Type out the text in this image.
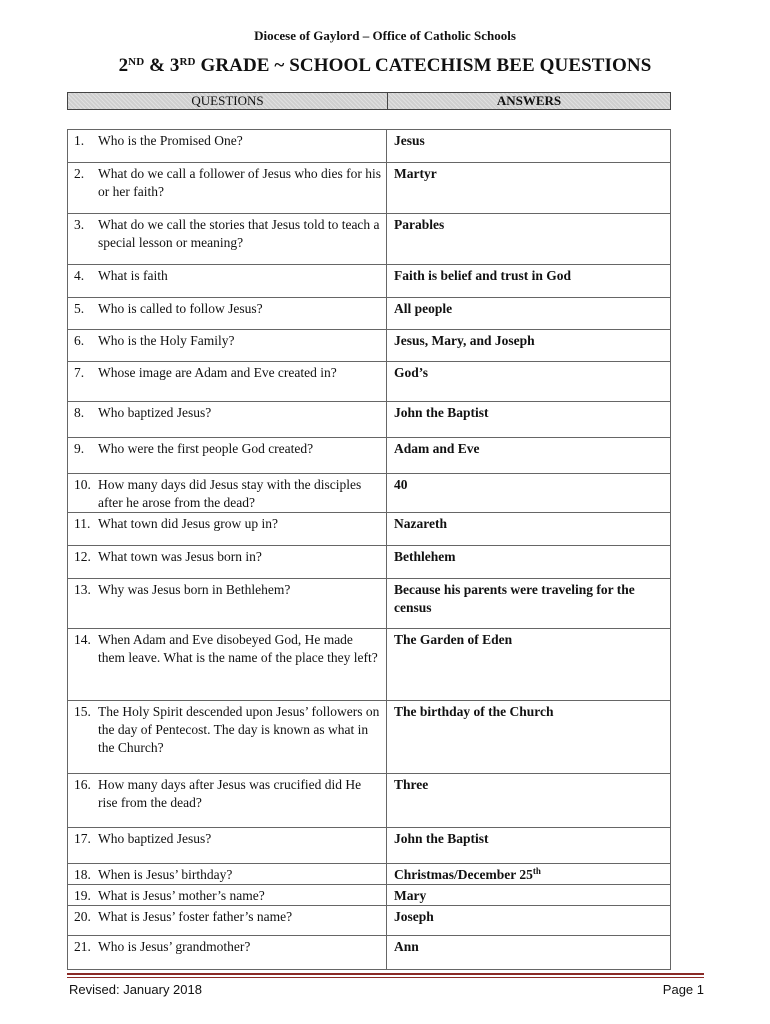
Diocese of Gaylord – Office of Catholic Schools
2ND & 3RD GRADE ~ SCHOOL CATECHISM BEE QUESTIONS
QUESTIONS	ANSWERS
1. Who is the Promised One?	Jesus

2. What do we call a follower of Jesus who dies for his or her faith?	Martyr

3. What do we call the stories that Jesus told to teach a special lesson or meaning?	Parables

4. What is faith	Faith is belief and trust in God

5. Who is called to follow Jesus?	All people

6. Who is the Holy Family?	Jesus, Mary, and Joseph

7. Whose image are Adam and Eve created in?	God’s

8. Who baptized Jesus?	John the Baptist

9. Who were the first people God created?	Adam and Eve

10. How many days did Jesus stay with the disciples after he arose from the dead?	40

11. What town did Jesus grow up in?	Nazareth

12. What town was Jesus born in?	Bethlehem

13. Why was Jesus born in Bethlehem?	Because his parents were traveling for the census

14. When Adam and Eve disobeyed God, He made them leave. What is the name of the place they left?	The Garden of Eden

15. The Holy Spirit descended upon Jesus’ followers on the day of Pentecost. The day is known as what in the Church?	The birthday of the Church

16. How many days after Jesus was crucified did He rise from the dead?	Three

17. Who baptized Jesus?	John the Baptist

18. When is Jesus’ birthday?	Christmas/December 25th

19. What is Jesus’ mother’s name?	Mary

20. What is Jesus’ foster father’s name?	Joseph

21. Who is Jesus’ grandmother?	Ann
Revised: January 2018	Page 1
